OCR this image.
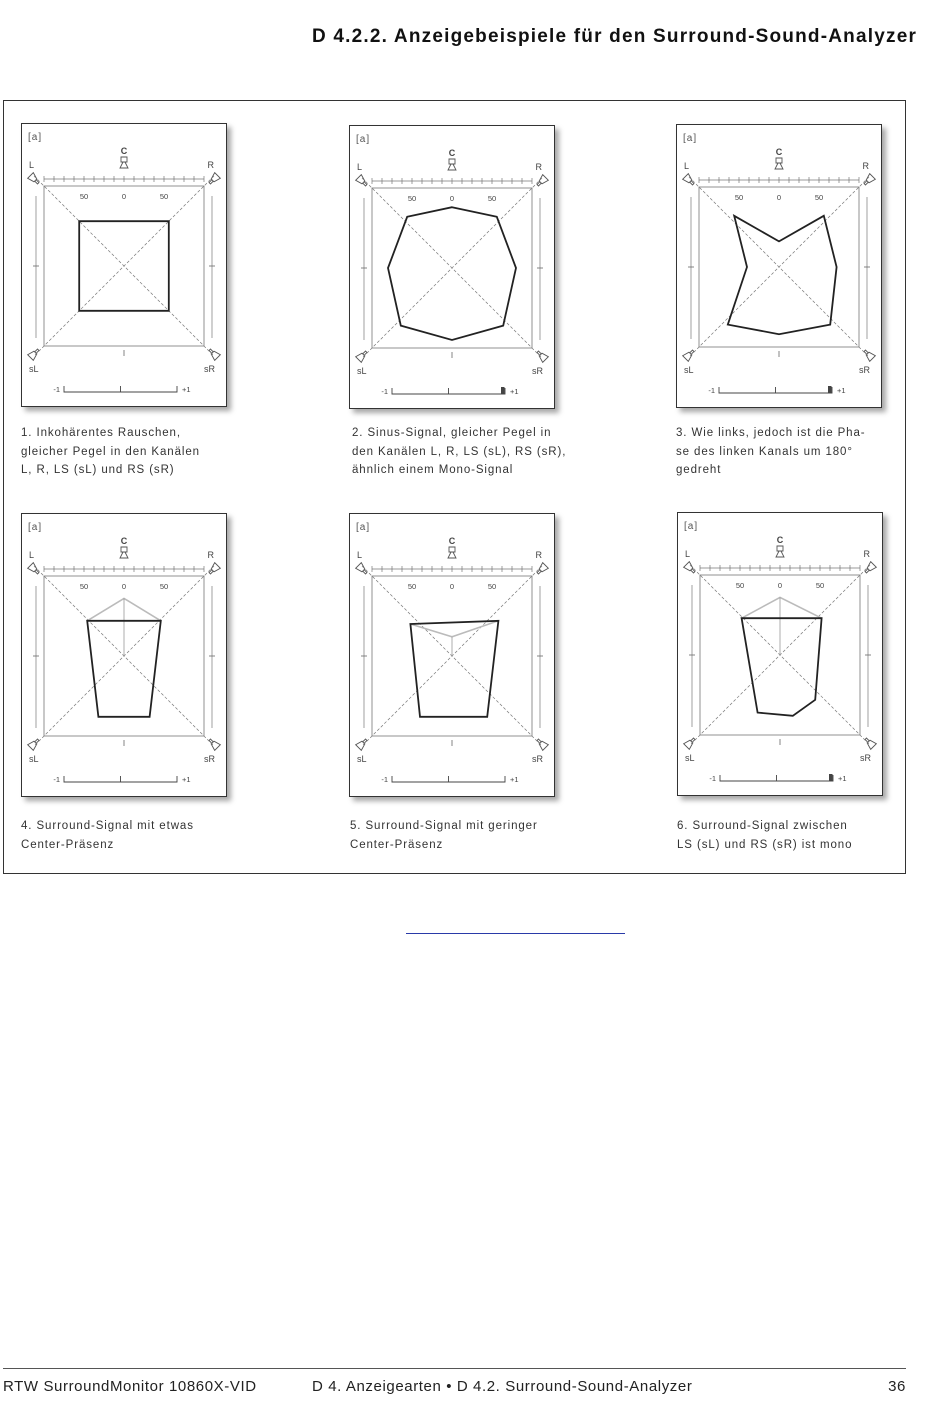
D 4.2.2. Anzeigebeispiele für den Surround-Sound-Analyzer
[a]
C
L	R
sL	sR
50	0	50
-1	+1
[a]
C
L	R
sL	sR
50	0	50
-1	+1
[a]
C
L	R
sL	sR
50	0	50
-1	+1
[a]
C
L	R
sL	sR
50	0	50
-1	+1
[a]
C
L	R
sL	sR
50	0	50
-1	+1
[a]
C
L	R
sL	sR
50	0	50
-1	+1
1. Inkohärentes Rauschen,
gleicher Pegel in den Kanälen
L, R, LS (sL) und RS (sR)
2. Sinus-Signal, gleicher Pegel in
den Kanälen L, R, LS (sL), RS (sR),
ähnlich einem Mono-Signal
3. Wie links, jedoch ist die Pha-
se des linken Kanals um 180°
gedreht
4. Surround-Signal mit etwas
Center-Präsenz
5. Surround-Signal mit geringer
Center-Präsenz
6. Surround-Signal zwischen
LS (sL) und RS (sR) ist mono
RTW SurroundMonitor 10860X-VID	D 4. Anzeigearten • D 4.2. Surround-Sound-Analyzer	36
